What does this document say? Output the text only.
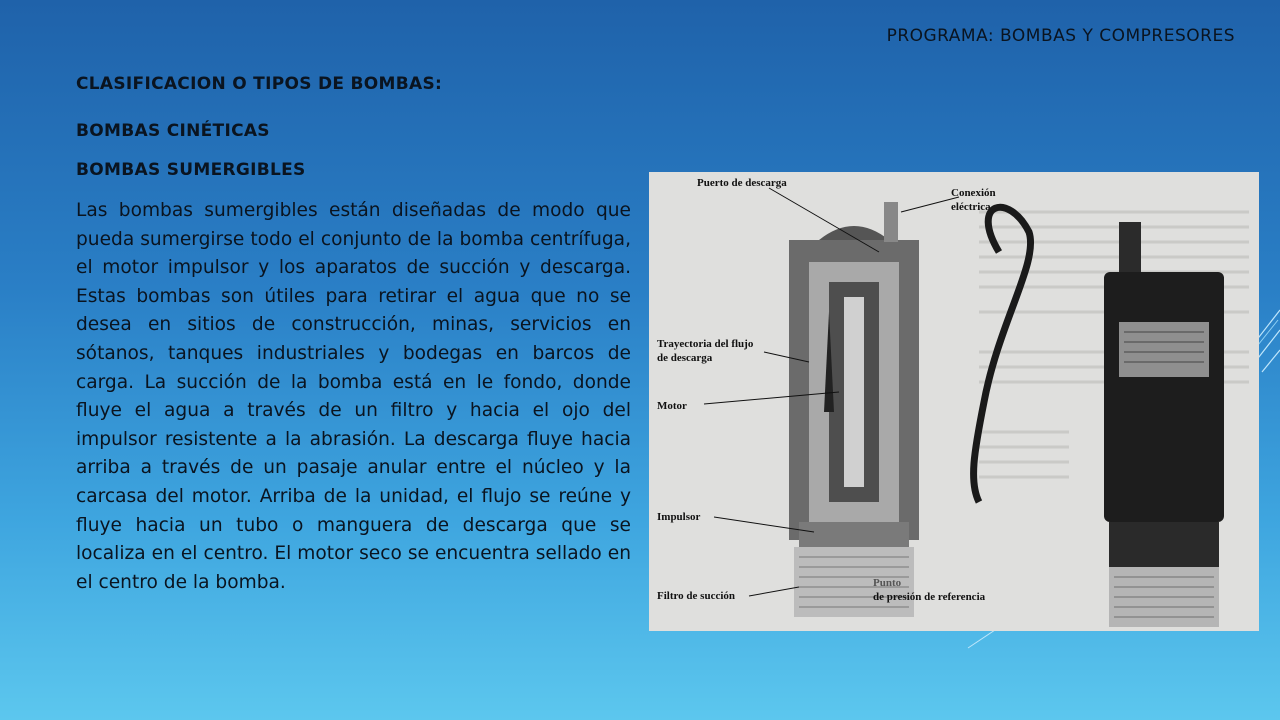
PROGRAMA: BOMBAS Y COMPRESORES
CLASIFICACION O TIPOS DE BOMBAS:
BOMBAS CINÉTICAS
BOMBAS SUMERGIBLES
Las bombas sumergibles están diseñadas de modo que pueda sumergirse todo el conjunto de la bomba centrífuga, el motor impulsor y los aparatos de succión y descarga. Estas bombas son útiles para retirar el agua que no se desea en sitios de construcción, minas, servicios en sótanos, tanques industriales y bodegas en barcos de carga. La succión de la bomba está en le fondo, donde fluye el agua a través de un filtro y hacia el ojo del impulsor resistente a la abrasión. La descarga fluye hacia arriba a través de un pasaje anular entre el núcleo y la carcasa del motor. Arriba de la unidad, el flujo se reúne y fluye hacia un tubo o manguera de descarga que se localiza en el centro. El motor seco se encuentra sellado en el centro de la bomba.
Puerto de descarga
Conexión
eléctrica
Trayectoria del flujo
de descarga
Motor
Impulsor
Filtro de succión
Punto
de presión de referencia
